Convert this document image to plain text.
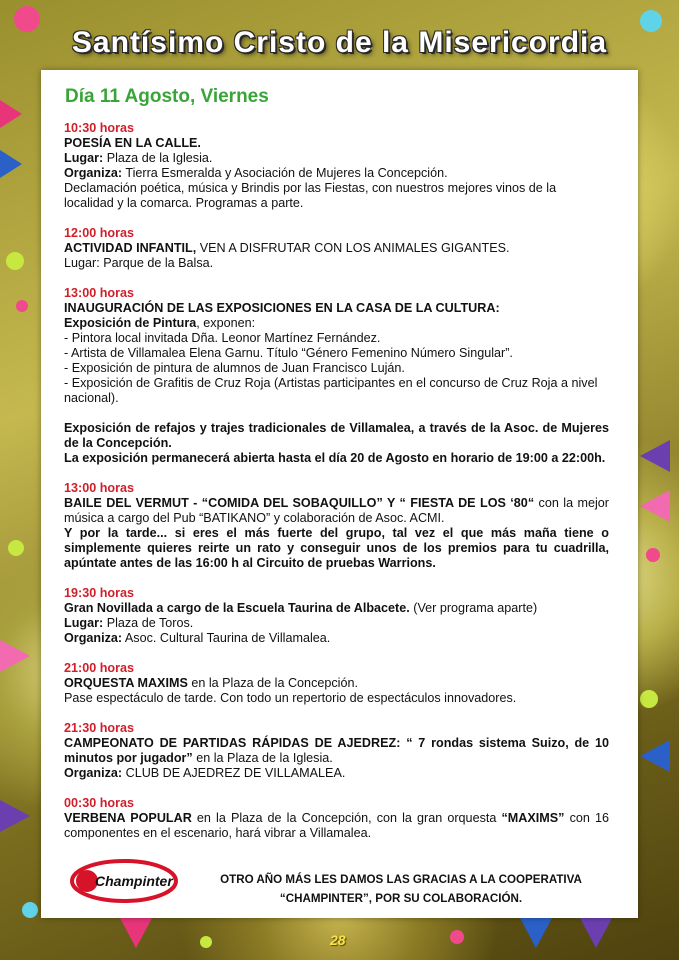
Santísimo Cristo de la Misericordia
Día 11 Agosto, Viernes
10:30 horas
POESÍA EN LA CALLE.
Lugar: Plaza de la Iglesia.
Organiza: Tierra Esmeralda y Asociación de Mujeres la Concepción.
Declamación poética, música y Brindis por las Fiestas, con nuestros mejores vinos de la localidad y la comarca. Programas a parte.
12:00 horas
ACTIVIDAD INFANTIL, VEN A DISFRUTAR CON LOS ANIMALES GIGANTES.
Lugar: Parque de la Balsa.
13:00 horas
INAUGURACIÓN DE LAS EXPOSICIONES EN LA CASA DE LA CULTURA:
Exposición de Pintura, exponen:
- Pintora local invitada Dña. Leonor Martínez Fernández.
- Artista de Villamalea Elena Garnu. Título “Género Femenino Número Singular”.
- Exposición de pintura de alumnos de Juan Francisco Luján.
- Exposición de Grafitis de Cruz Roja (Artistas participantes en el concurso de Cruz Roja a nivel nacional).
Exposición de refajos y trajes tradicionales de Villamalea, a través de la Asoc. de Mujeres de la Concepción.
La exposición permanecerá abierta hasta el día 20 de Agosto en horario de 19:00 a 22:00h.
13:00 horas
BAILE DEL VERMUT - “COMIDA DEL SOBAQUILLO” Y “ FIESTA DE LOS ‘80“ con la mejor música a cargo del Pub “BATIKANO” y colaboración de Asoc. ACMI.
Y por la tarde... si eres el más fuerte del grupo, tal vez el que más maña tiene o simplemente quieres reirte un rato y conseguir unos de los premios para tu cuadrilla, apúntate antes de las 16:00 h al Circuito de pruebas Warrions.
19:30 horas
Gran Novillada a cargo de la Escuela Taurina de Albacete. (Ver programa aparte)
Lugar: Plaza de Toros.
Organiza: Asoc. Cultural Taurina de Villamalea.
21:00 horas
ORQUESTA MAXIMS en la Plaza de la Concepción.
Pase espectáculo de tarde. Con todo un repertorio de espectáculos innovadores.
21:30 horas
CAMPEONATO DE PARTIDAS RÁPIDAS DE AJEDREZ: “ 7 rondas sistema Suizo, de 10 minutos por jugador” en la Plaza de la Iglesia.
Organiza: CLUB DE AJEDREZ DE VILLAMALEA.
00:30 horas
VERBENA POPULAR en la Plaza de la Concepción, con la gran orquesta “MAXIMS” con 16 componentes en el escenario, hará vibrar a Villamalea.
Champinter	OTRO AÑO MÁS LES DAMOS LAS GRACIAS A LA COOPERATIVA
“CHAMPINTER”, POR SU COLABORACIÓN.
28
